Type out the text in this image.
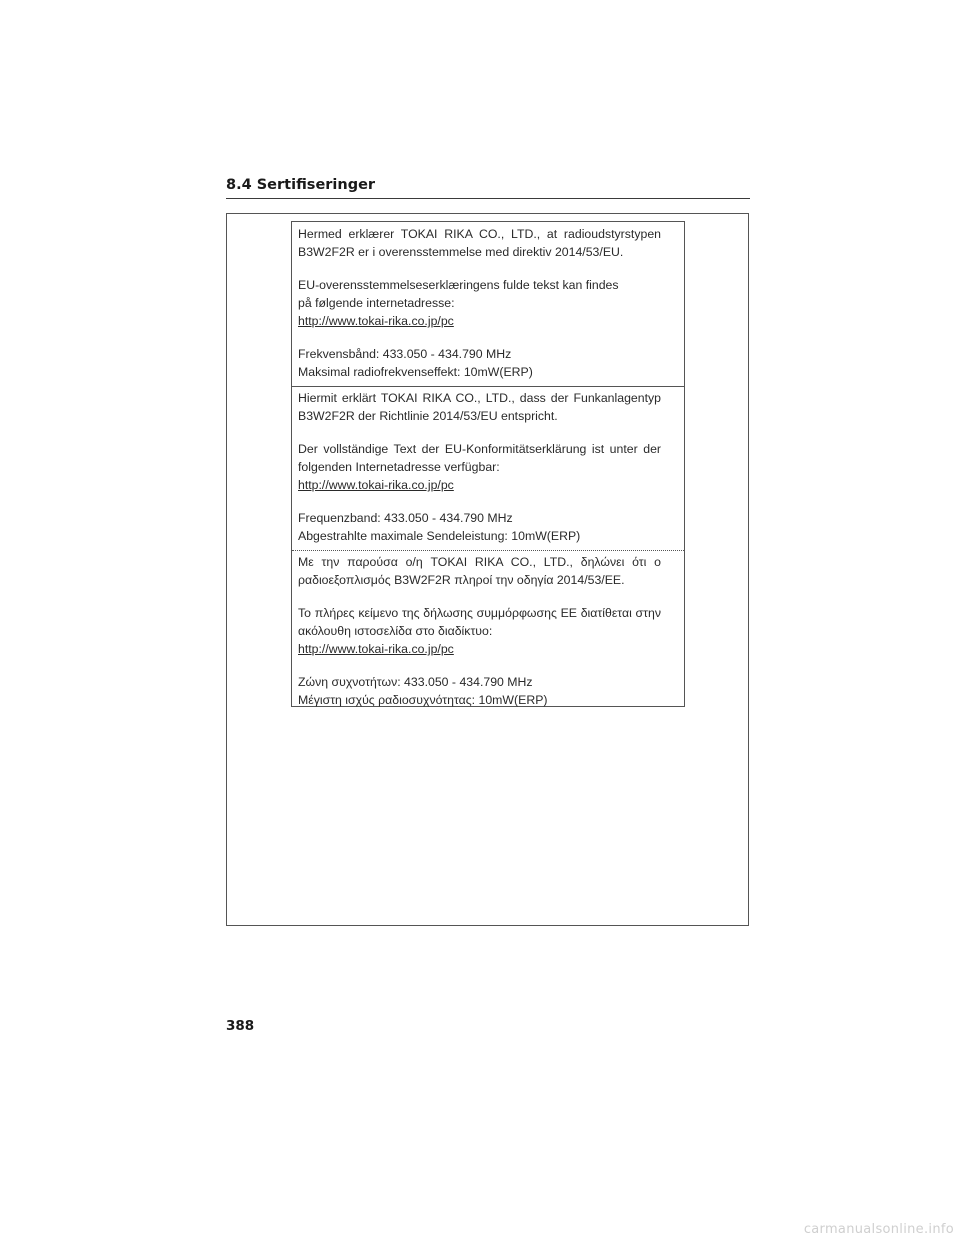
8.4 Sertifiseringer

Hermed erklærer TOKAI RIKA CO., LTD., at radioudstyrstypen B3W2F2R er i overensstemmelse med direktiv 2014/53/EU.

EU-overensstemmelseserklæringens fulde tekst kan findes på følgende internetadresse:

http://www.tokai-rika.co.jp/pc

Frekvensbånd: 433.050 - 434.790 MHz

Maksimal radiofrekvenseffekt: 10mW(ERP)

Hiermit erklärt TOKAI RIKA CO., LTD., dass der Funkanlagentyp B3W2F2R der Richtlinie 2014/53/EU entspricht.

Der vollständige Text der EU-Konformitätserklärung ist unter der folgenden Internetadresse verfügbar:

http://www.tokai-rika.co.jp/pc

Frequenzband: 433.050 - 434.790 MHz

Abgestrahlte maximale Sendeleistung: 10mW(ERP)

Με την παρούσα ο/η TOKAI RIKA CO., LTD., δηλώνει ότι ο ραδιοεξοπλισμός B3W2F2R πληροί την οδηγία 2014/53/ΕΕ.

Το πλήρες κείμενο της δήλωσης συμμόρφωσης ΕΕ διατίθεται στην ακόλουθη ιστοσελίδα στο διαδίκτυο:

http://www.tokai-rika.co.jp/pc

Ζώνη συχνοτήτων: 433.050 - 434.790 MHz

Μέγιστη ισχύς ραδιοσυχνότητας: 10mW(ERP)

388
carmanualsonline.info
